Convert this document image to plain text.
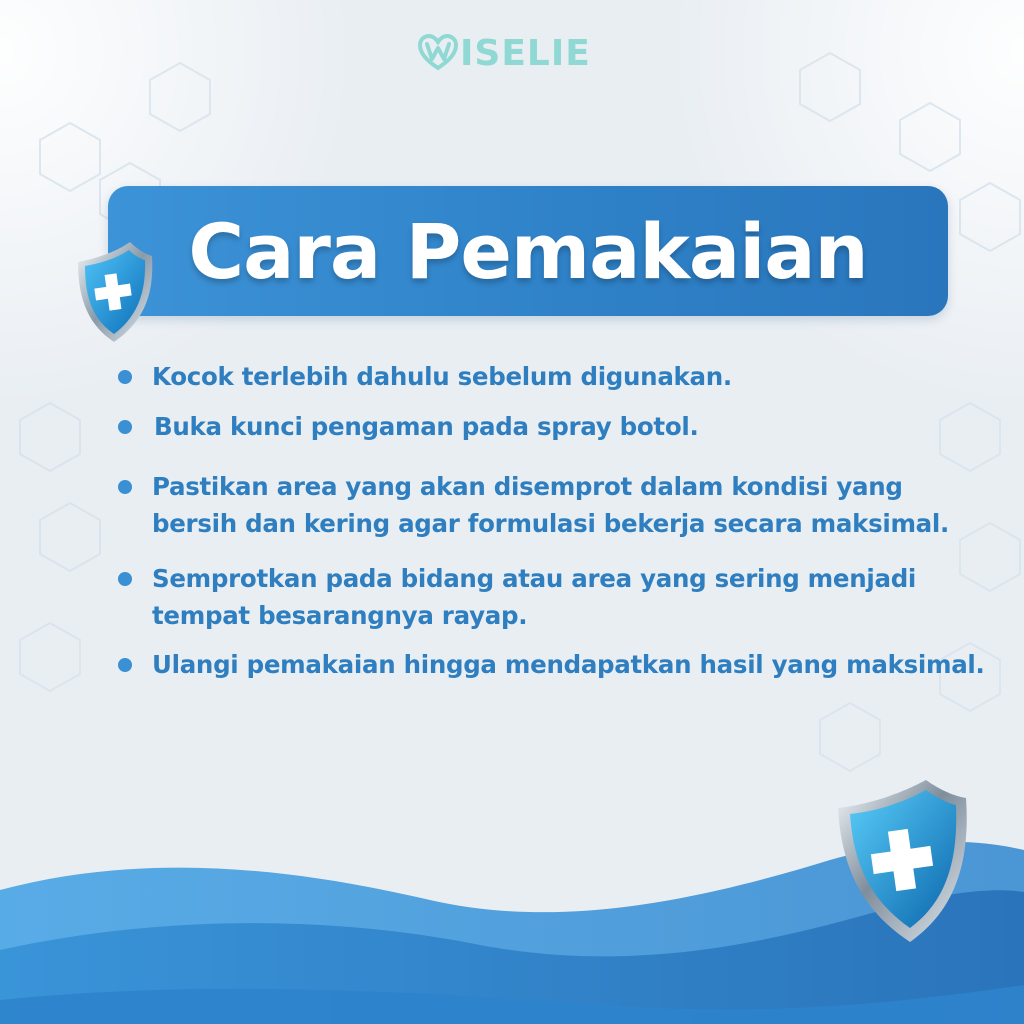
ISELIE
Cara Pemakaian
Kocok terlebih dahulu sebelum digunakan.
Buka kunci pengaman pada spray botol.
Pastikan area yang akan disemprot dalam kondisi yang bersih dan kering agar formulasi bekerja secara maksimal.
Semprotkan pada bidang atau area yang sering menjadi tempat besarangnya rayap.
Ulangi pemakaian hingga mendapatkan hasil yang maksimal.
